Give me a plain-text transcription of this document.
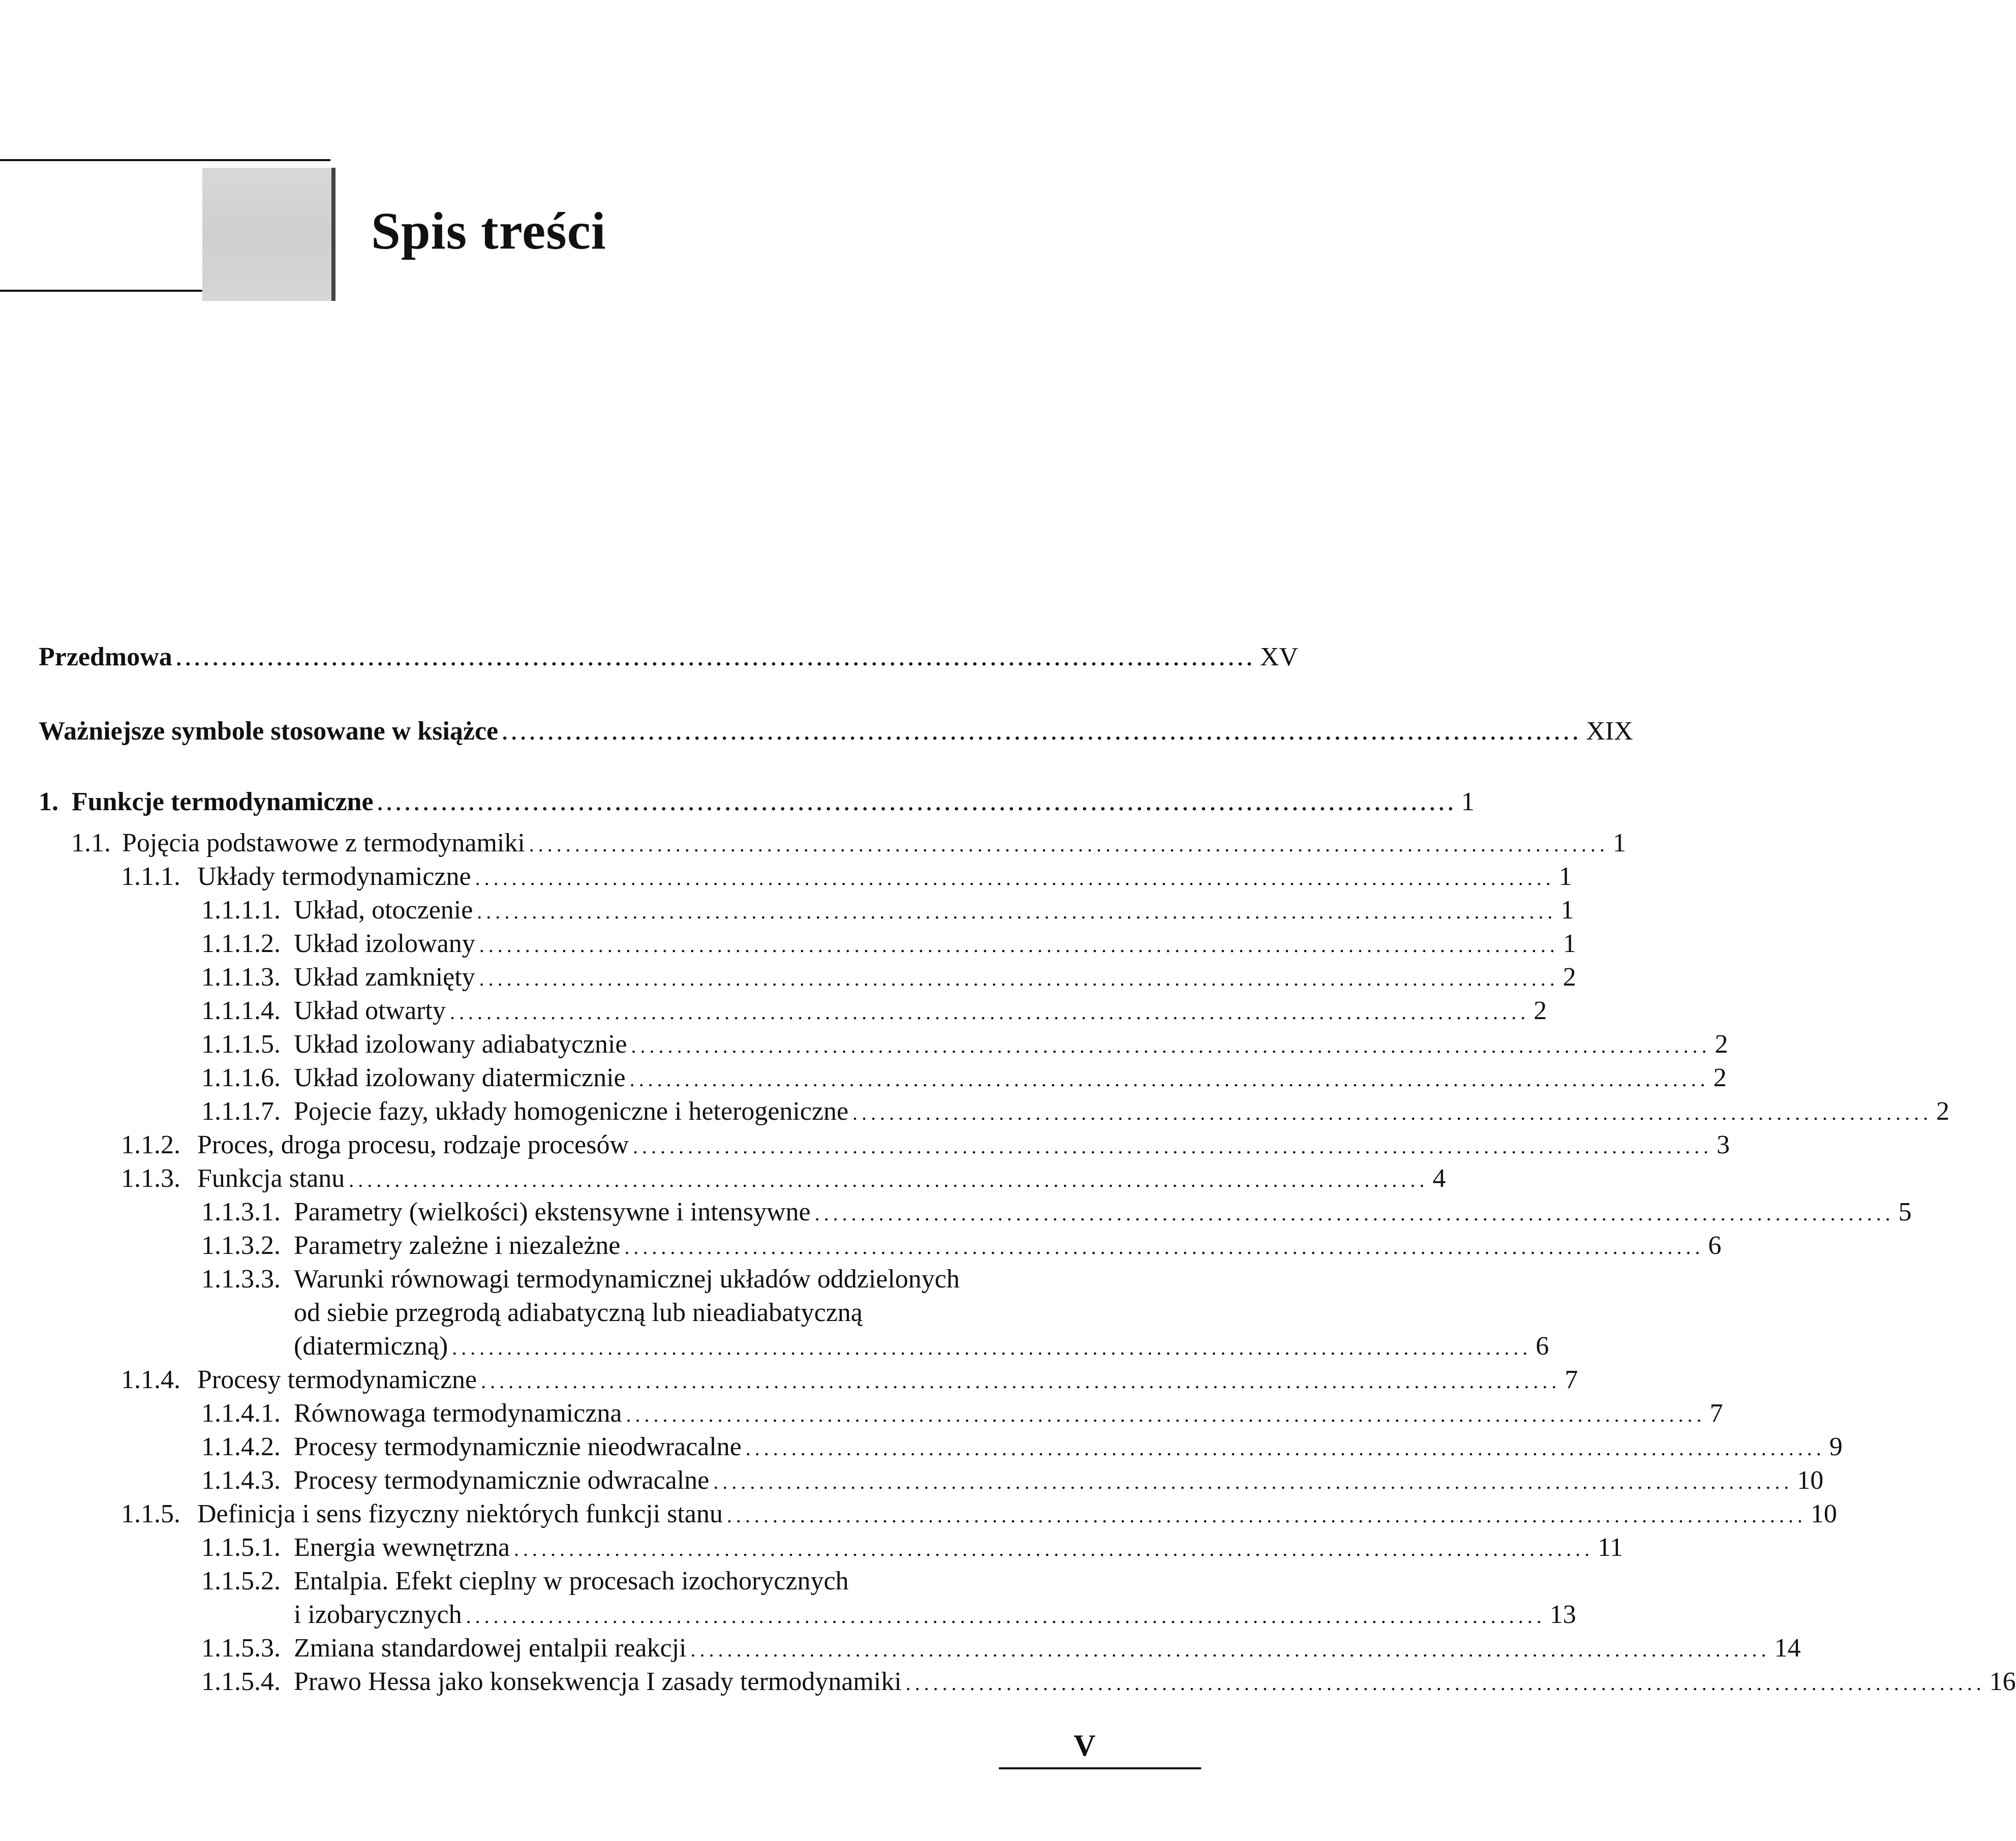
Spis treści
Przedmowa ...................................................................................................................... XV
Ważniejsze symbole stosowane w książce ...................................................................................................................... XIX
1. Funkcje termodynamiczne ...................................................................................................................... 1
1.1. Pojęcia podstawowe z termodynamiki ...................................................................................................................... 1
1.1.1. Układy termodynamiczne ...................................................................................................................... 1
1.1.1.1. Układ, otoczenie ...................................................................................................................... 1
1.1.1.2. Układ izolowany ...................................................................................................................... 1
1.1.1.3. Układ zamknięty ...................................................................................................................... 2
1.1.1.4. Układ otwarty ...................................................................................................................... 2
1.1.1.5. Układ izolowany adiabatycznie ...................................................................................................................... 2
1.1.1.6. Układ izolowany diatermicznie ...................................................................................................................... 2
1.1.1.7. Pojecie fazy, układy homogeniczne i heterogeniczne ...................................................................................................................... 2
1.1.2. Proces, droga procesu, rodzaje procesów ...................................................................................................................... 3
1.1.3. Funkcja stanu ...................................................................................................................... 4
1.1.3.1. Parametry (wielkości) ekstensywne i intensywne ...................................................................................................................... 5
1.1.3.2. Parametry zależne i niezależne ...................................................................................................................... 6
1.1.3.3. Warunki równowagi termodynamicznej układów oddzielonych
od siebie przegrodą adiabatyczną lub nieadiabatyczną
(diatermiczną) ...................................................................................................................... 6
1.1.4. Procesy termodynamiczne ...................................................................................................................... 7
1.1.4.1. Równowaga termodynamiczna ...................................................................................................................... 7
1.1.4.2. Procesy termodynamicznie nieodwracalne ...................................................................................................................... 9
1.1.4.3. Procesy termodynamicznie odwracalne ...................................................................................................................... 10
1.1.5. Definicja i sens fizyczny niektórych funkcji stanu ...................................................................................................................... 10
1.1.5.1. Energia wewnętrzna ...................................................................................................................... 11
1.1.5.2. Entalpia. Efekt cieplny w procesach izochorycznych
i izobarycznych ...................................................................................................................... 13
1.1.5.3. Zmiana standardowej entalpii reakcji ...................................................................................................................... 14
1.1.5.4. Prawo Hessa jako konsekwencja I zasady termodynamiki ...................................................................................................................... 16
V
